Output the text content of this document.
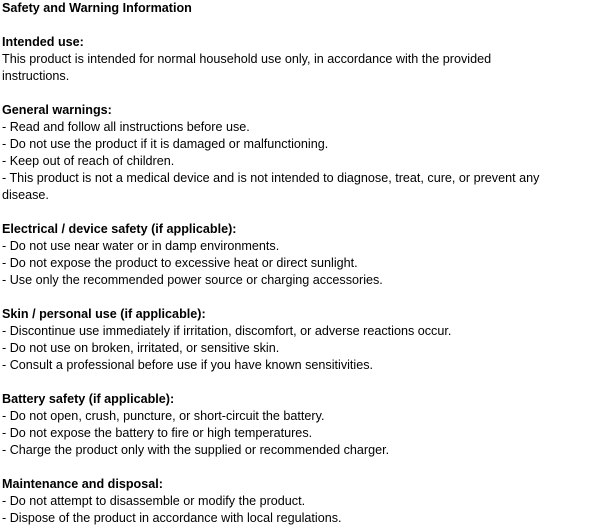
Safety and Warning Information
Intended use:
This product is intended for normal household use only, in accordance with the provided
instructions.
General warnings:
- Read and follow all instructions before use.
- Do not use the product if it is damaged or malfunctioning.
- Keep out of reach of children.
- This product is not a medical device and is not intended to diagnose, treat, cure, or prevent any
disease.
Electrical / device safety (if applicable):
- Do not use near water or in damp environments.
- Do not expose the product to excessive heat or direct sunlight.
- Use only the recommended power source or charging accessories.
Skin / personal use (if applicable):
- Discontinue use immediately if irritation, discomfort, or adverse reactions occur.
- Do not use on broken, irritated, or sensitive skin.
- Consult a professional before use if you have known sensitivities.
Battery safety (if applicable):
- Do not open, crush, puncture, or short-circuit the battery.
- Do not expose the battery to fire or high temperatures.
- Charge the product only with the supplied or recommended charger.
Maintenance and disposal:
- Do not attempt to disassemble or modify the product.
- Dispose of the product in accordance with local regulations.
